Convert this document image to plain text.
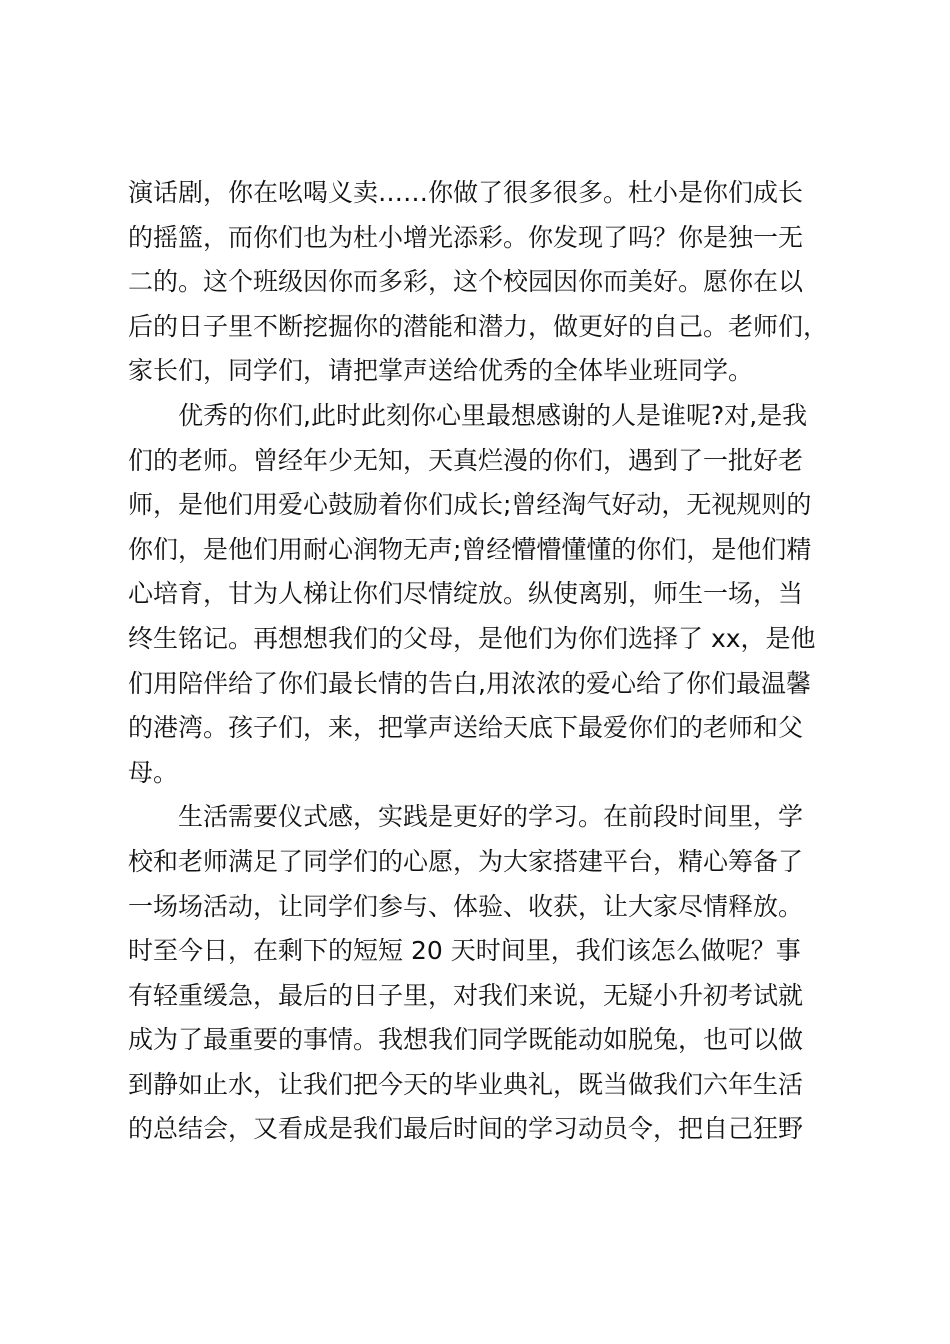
演话剧，你在吆喝义卖……你做了很多很多。杜小是你们成长
的摇篮，而你们也为杜小增光添彩。你发现了吗？你是独一无
二的。这个班级因你而多彩，这个校园因你而美好。愿你在以
后的日子里不断挖掘你的潜能和潜力，做更好的自己。老师们，
家长们，同学们，请把掌声送给优秀的全体毕业班同学。
优秀的你们,此时此刻你心里最想感谢的人是谁呢?对,是我
们的老师。曾经年少无知，天真烂漫的你们，遇到了一批好老
师，是他们用爱心鼓励着你们成长;曾经淘气好动，无视规则的
你们，是他们用耐心润物无声;曾经懵懵懂懂的你们，是他们精
心培育，甘为人梯让你们尽情绽放。纵使离别，师生一场，当
终生铭记。再想想我们的父母，是他们为你们选择了 xx，是他
们用陪伴给了你们最长情的告白,用浓浓的爱心给了你们最温馨
的港湾。孩子们，来，把掌声送给天底下最爱你们的老师和父
母。
生活需要仪式感，实践是更好的学习。在前段时间里，学
校和老师满足了同学们的心愿，为大家搭建平台，精心筹备了
一场场活动，让同学们参与、体验、收获，让大家尽情释放。
时至今日，在剩下的短短 20 天时间里，我们该怎么做呢？事
有轻重缓急，最后的日子里，对我们来说，无疑小升初考试就
成为了最重要的事情。我想我们同学既能动如脱兔，也可以做
到静如止水，让我们把今天的毕业典礼，既当做我们六年生活
的总结会，又看成是我们最后时间的学习动员令，把自己狂野
